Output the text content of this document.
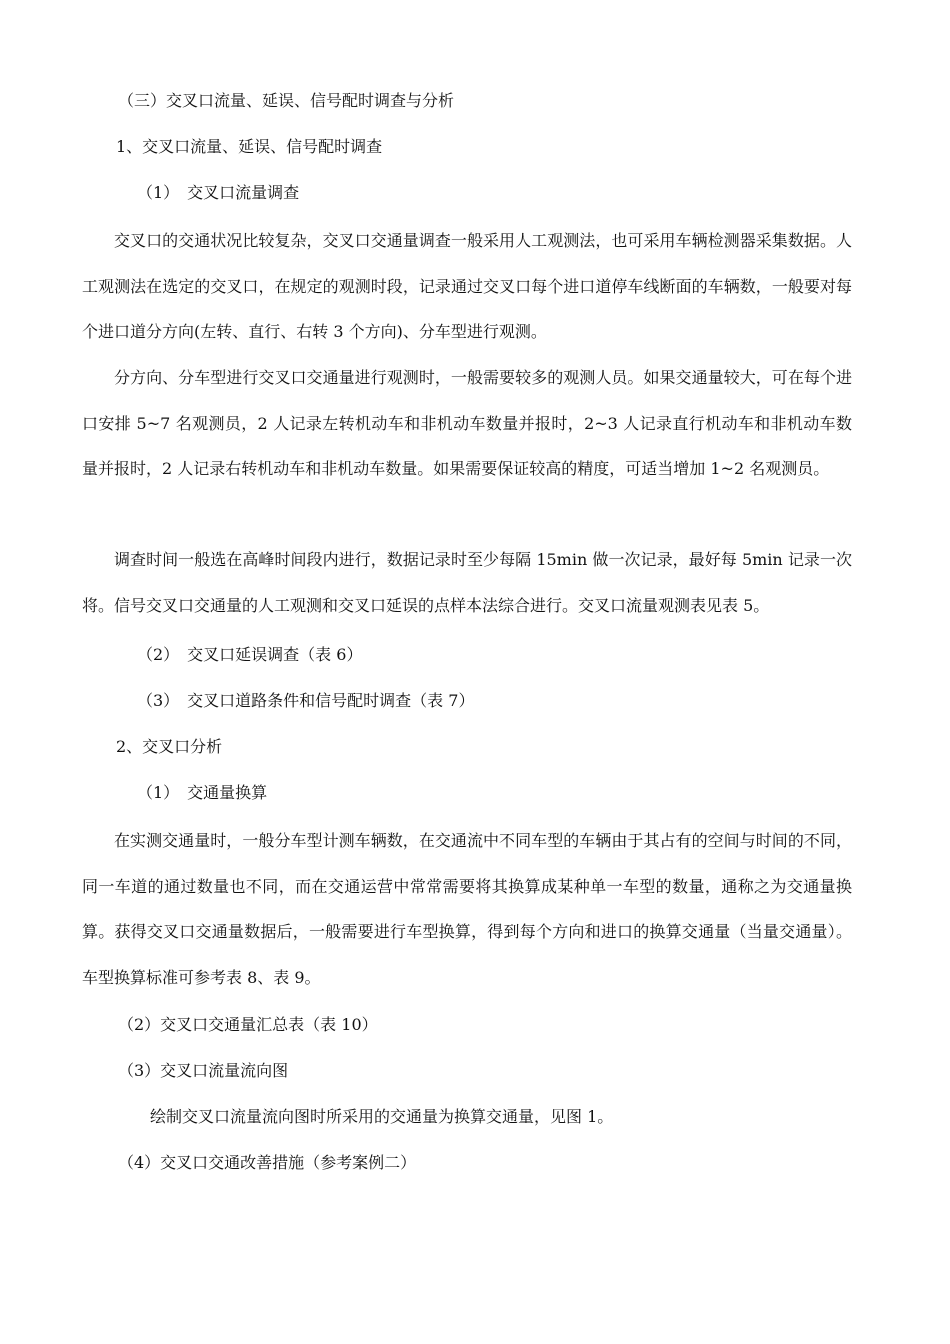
（三）交叉口流量、延误、信号配时调查与分析

1、交叉口流量、延误、信号配时调查

（1）　交叉口流量调查

交叉口的交通状况比较复杂，交叉口交通量调查一般采用人工观测法，也可采用车辆检测器采集数据。人工观测法在选定的交叉口，在规定的观测时段，记录通过交叉口每个进口道停车线断面的车辆数，一般要对每个进口道分方向(左转、直行、右转 3 个方向)、分车型进行观测。

分方向、分车型进行交叉口交通量进行观测时，一般需要较多的观测人员。如果交通量较大，可在每个进口安排 5~7 名观测员，2 人记录左转机动车和非机动车数量并报时，2~3 人记录直行机动车和非机动车数量并报时，2 人记录右转机动车和非机动车数量。如果需要保证较高的精度，可适当增加 1~2 名观测员。

调查时间一般选在高峰时间段内进行，数据记录时至少每隔 15min 做一次记录，最好每 5min 记录一次将。信号交叉口交通量的人工观测和交叉口延误的点样本法综合进行。交叉口流量观测表见表 5。

（2）　交叉口延误调查（表 6）

（3）　交叉口道路条件和信号配时调查（表 7）

2、交叉口分析

（1）　交通量换算

在实测交通量时，一般分车型计测车辆数，在交通流中不同车型的车辆由于其占有的空间与时间的不同，同一车道的通过数量也不同，而在交通运营中常常需要将其换算成某种单一车型的数量，通称之为交通量换算。获得交叉口交通量数据后，一般需要进行车型换算，得到每个方向和进口的换算交通量（当量交通量）。车型换算标准可参考表 8、表 9。

（2）交叉口交通量汇总表（表 10）

（3）交叉口流量流向图

绘制交叉口流量流向图时所采用的交通量为换算交通量，见图 1。

（4）交叉口交通改善措施（参考案例二）
